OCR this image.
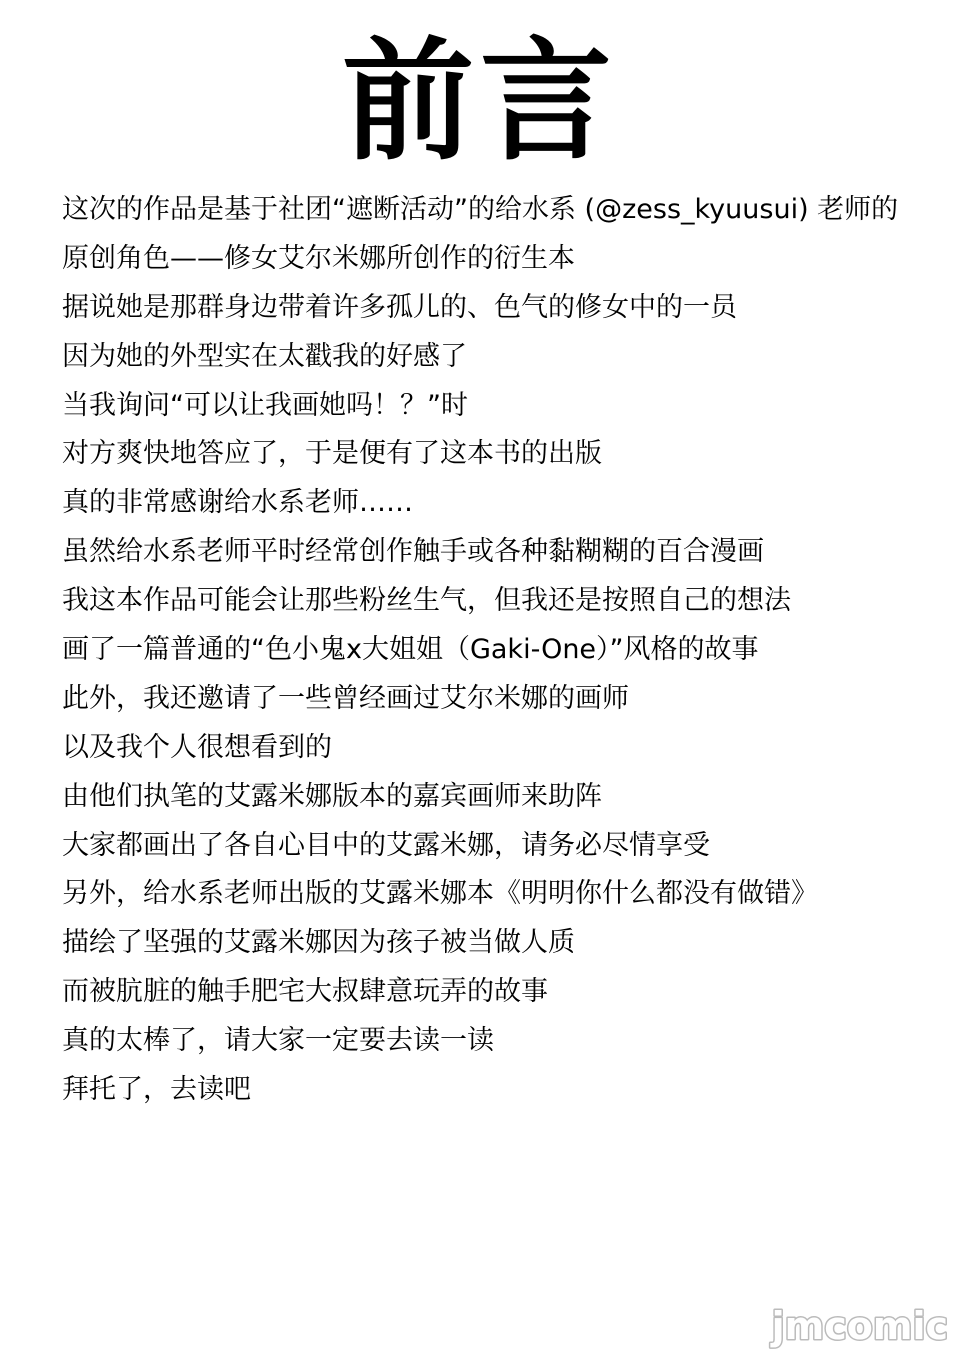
前言
这次的作品是基于社团“遮断活动”的给水系 (@zess_kyuusui) 老师的
原创角色——修女艾尔米娜所创作的衍生本
据说她是那群身边带着许多孤儿的、色气的修女中的一员
因为她的外型实在太戳我的好感了
当我询问“可以让我画她吗！？”时
对方爽快地答应了，于是便有了这本书的出版
真的非常感谢给水系老师……
虽然给水系老师平时经常创作触手或各种黏糊糊的百合漫画
我这本作品可能会让那些粉丝生气，但我还是按照自己的想法
画了一篇普通的“色小鬼x大姐姐（Gaki-One）”风格的故事
此外，我还邀请了一些曾经画过艾尔米娜的画师
以及我个人很想看到的
由他们执笔的艾露米娜版本的嘉宾画师来助阵
大家都画出了各自心目中的艾露米娜，请务必尽情享受
另外，给水系老师出版的艾露米娜本《明明你什么都没有做错》
描绘了坚强的艾露米娜因为孩子被当做人质
而被肮脏的触手肥宅大叔肆意玩弄的故事
真的太棒了，请大家一定要去读一读
拜托了，去读吧
jmcomic
